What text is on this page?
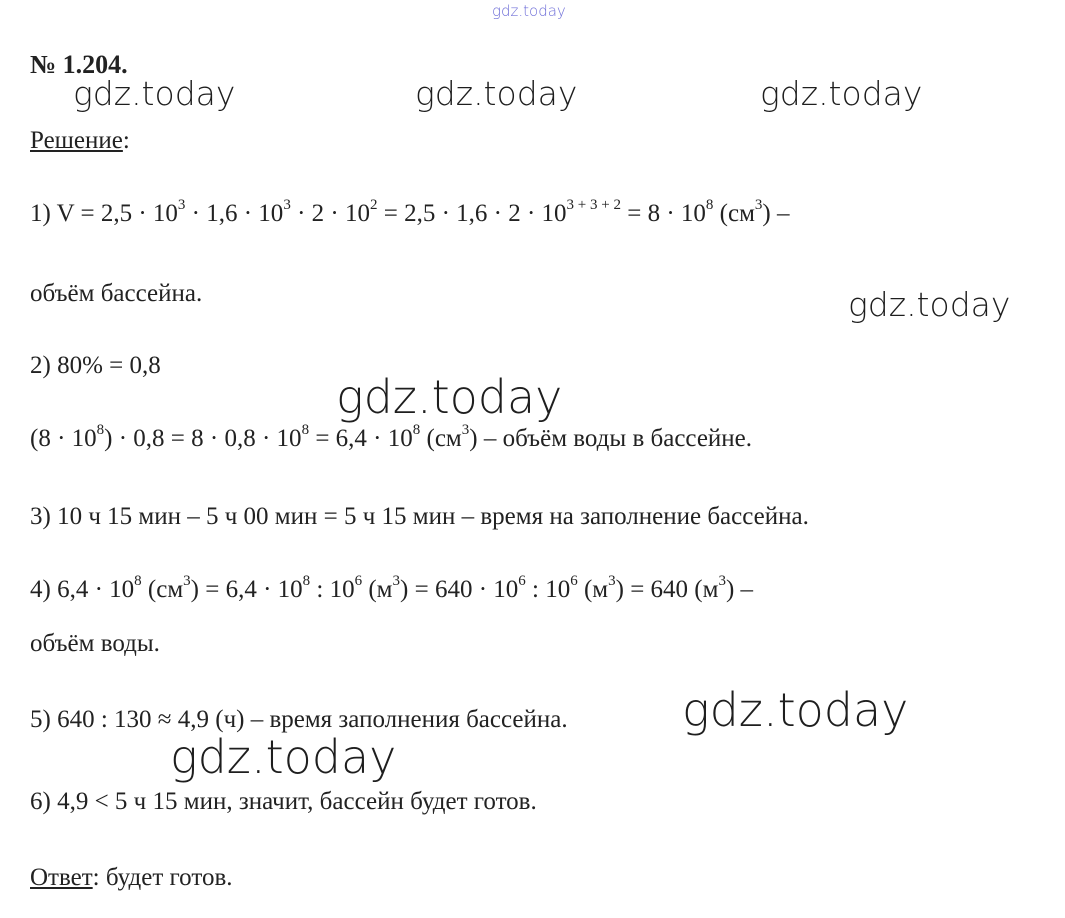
gdz.today
gdz.today	gdz.today	gdz.today
gdz.today
gdz.today
gdz.today
gdz.today
№ 1.204.
Решение:
1) $V = 2,5 \cdot 10^3 \cdot 1,6 \cdot 10^3 \cdot 2 \cdot 10^2 = 2,5 \cdot 1,6 \cdot 2 \cdot 10^{3 + 3 + 2} = 8 \cdot 10^8$ $(см^3)$ –
объём бассейна.
2) 80% = 0,8
$(8 \cdot 10^8) \cdot 0,8 = 8 \cdot 0,8 \cdot 10^8 = 6,4 \cdot 10^8$ $(см^3)$ – объём воды в бассейне.
3) 10 ч 15 мин – 5 ч 00 мин = 5 ч 15 мин – время на заполнение бассейна.
4) $6,4 \cdot 10^8$ $(см^3) = 6,4 \cdot 10^8$ : $10^6$ $(м^3) = 640 \cdot 10^6$ : $10^6$ $(м^3) = 640$ $(м^3)$ –
объём воды.
5) 640 : 130 ≈ 4,9 (ч) – время заполнения бассейна.
6) 4,9 < 5 ч 15 мин, значит, бассейн будет готов.
Ответ: будет готов.
